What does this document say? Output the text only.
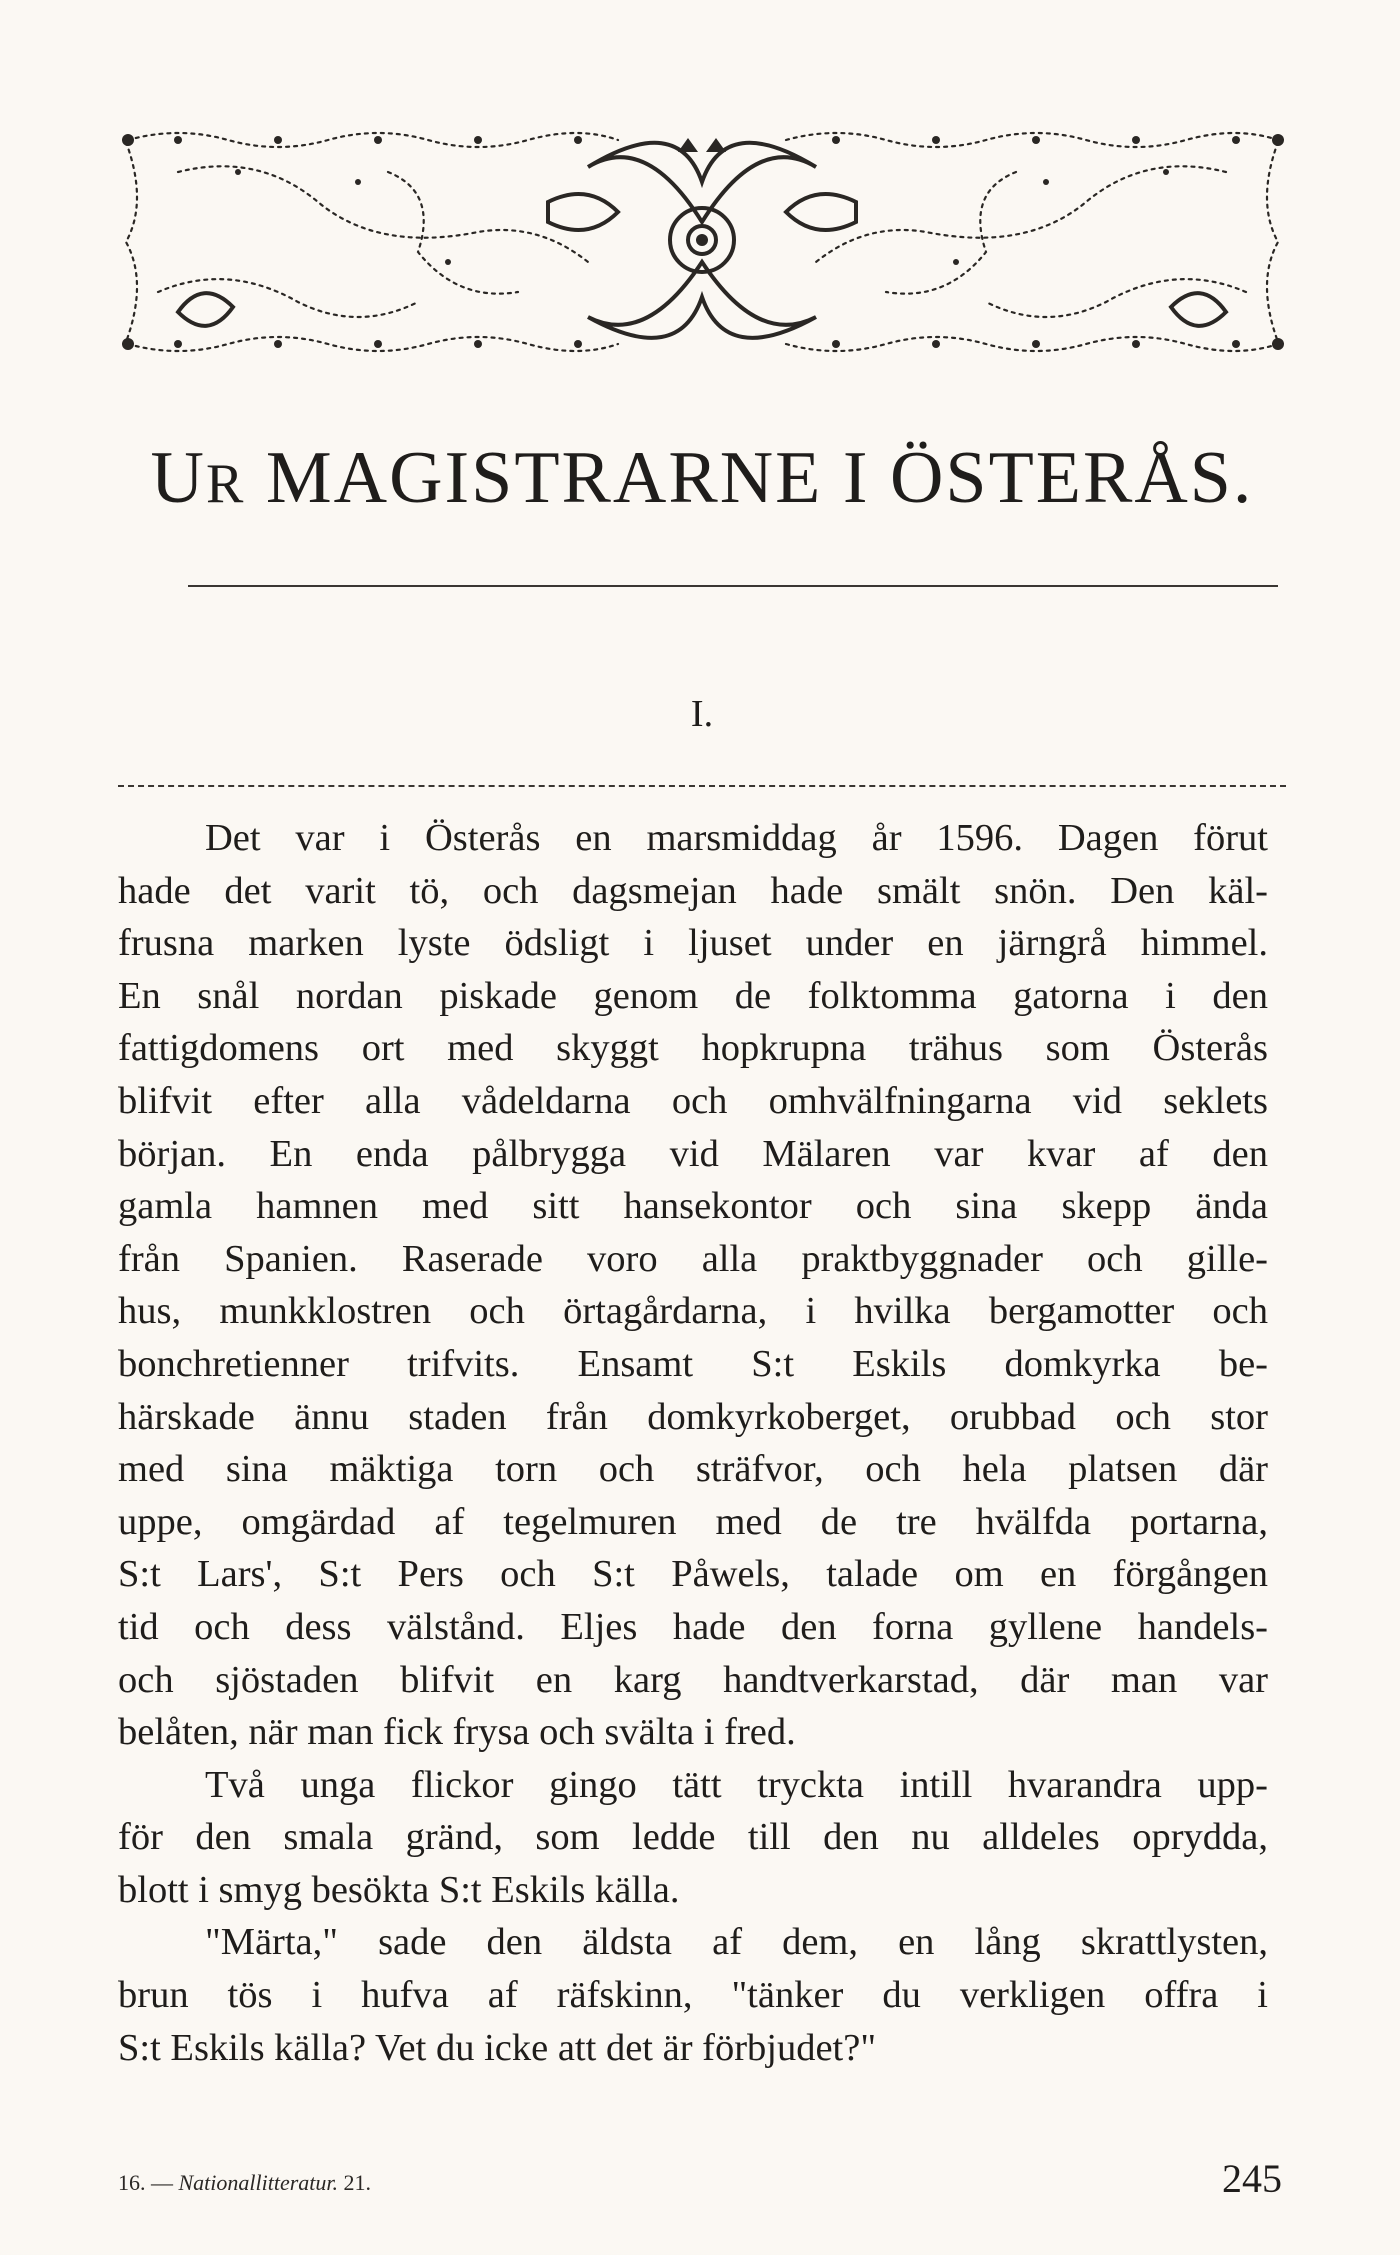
UR MAGISTRARNE I ÖSTERÅS.
I.

Det var i Österås en marsmiddag år 1596. Dagen förut
hade det varit tö, och dagsmejan hade smält snön. Den käl-
frusna marken lyste ödsligt i ljuset under en järngrå himmel.
En snål nordan piskade genom de folktomma gatorna i den
fattigdomens ort med skyggt hopkrupna trähus som Österås
blifvit efter alla vådeldarna och omhvälfningarna vid seklets
början. En enda pålbrygga vid Mälaren var kvar af den
gamla hamnen med sitt hansekontor och sina skepp ända
från Spanien. Raserade voro alla praktbyggnader och gille-
hus, munkklostren och örtagårdarna, i hvilka bergamotter och
bonchretienner trifvits. Ensamt S:t Eskils domkyrka be-
härskade ännu staden från domkyrkoberget, orubbad och stor
med sina mäktiga torn och sträfvor, och hela platsen där
uppe, omgärdad af tegelmuren med de tre hvälfda portarna,
S:t Lars', S:t Pers och S:t Påwels, talade om en förgången
tid och dess välstånd. Eljes hade den forna gyllene handels-
och sjöstaden blifvit en karg handtverkarstad, där man var
belåten, när man fick frysa och svälta i fred.

Två unga flickor gingo tätt tryckta intill hvarandra upp-
för den smala gränd, som ledde till den nu alldeles oprydda,
blott i smyg besökta S:t Eskils källa.

"Märta," sade den äldsta af dem, en lång skrattlysten,
brun tös i hufva af räfskinn, "tänker du verkligen offra i
S:t Eskils källa? Vet du icke att det är förbjudet?"

16. — Nationallitteratur. 21.	245
